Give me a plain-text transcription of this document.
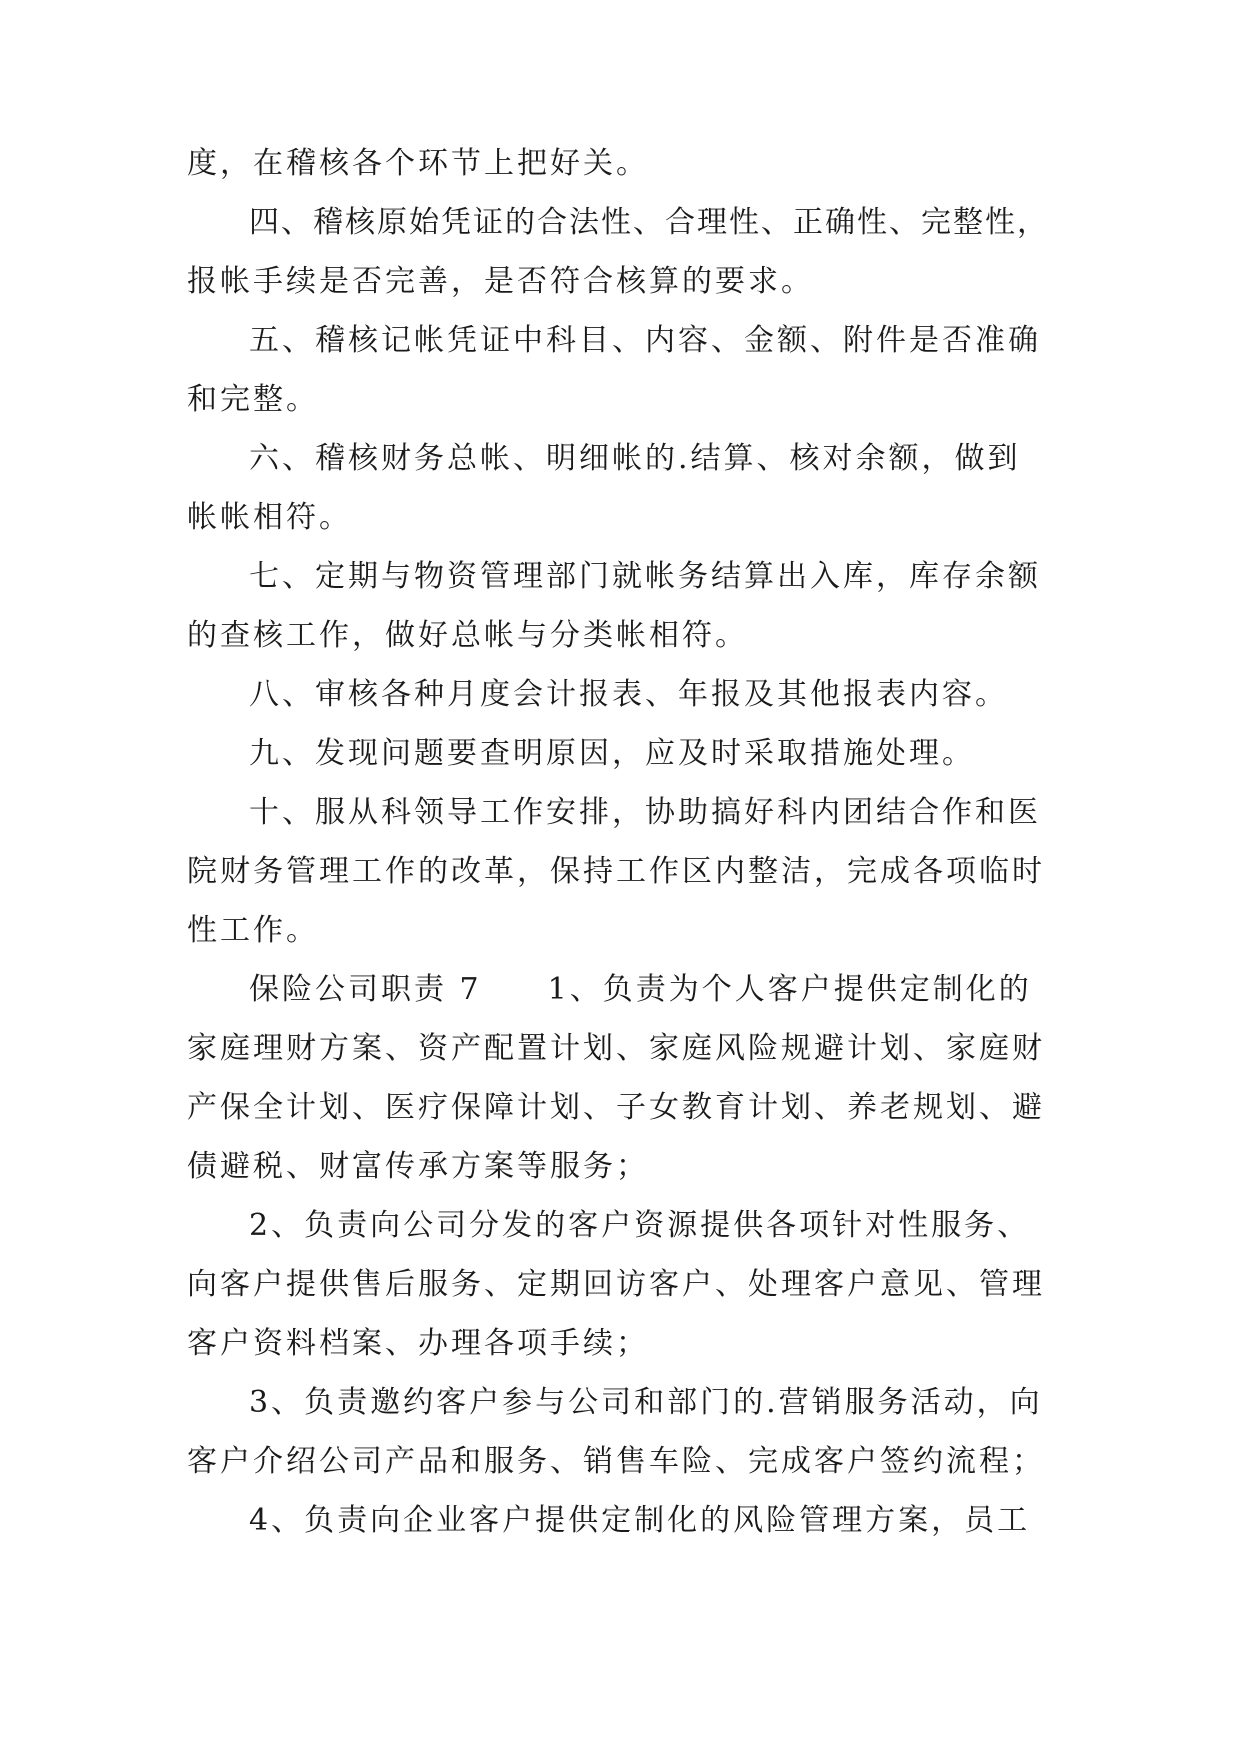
度，在稽核各个环节上把好关。
四、稽核原始凭证的合法性、合理性、正确性、完整性，
报帐手续是否完善，是否符合核算的要求。
五、稽核记帐凭证中科目、内容、金额、附件是否准确
和完整。
六、稽核财务总帐、明细帐的.结算、核对余额，做到
帐帐相符。
七、定期与物资管理部门就帐务结算出入库，库存余额
的查核工作，做好总帐与分类帐相符。
八、审核各种月度会计报表、年报及其他报表内容。
九、发现问题要查明原因，应及时采取措施处理。
十、服从科领导工作安排，协助搞好科内团结合作和医
院财务管理工作的改革，保持工作区内整洁，完成各项临时
性工作。
保险公司职责 7　　1、负责为个人客户提供定制化的
家庭理财方案、资产配置计划、家庭风险规避计划、家庭财
产保全计划、医疗保障计划、子女教育计划、养老规划、避
债避税、财富传承方案等服务；
2、负责向公司分发的客户资源提供各项针对性服务、
向客户提供售后服务、定期回访客户、处理客户意见、管理
客户资料档案、办理各项手续；
3、负责邀约客户参与公司和部门的.营销服务活动，向
客户介绍公司产品和服务、销售车险、完成客户签约流程；
4、负责向企业客户提供定制化的风险管理方案，员工
